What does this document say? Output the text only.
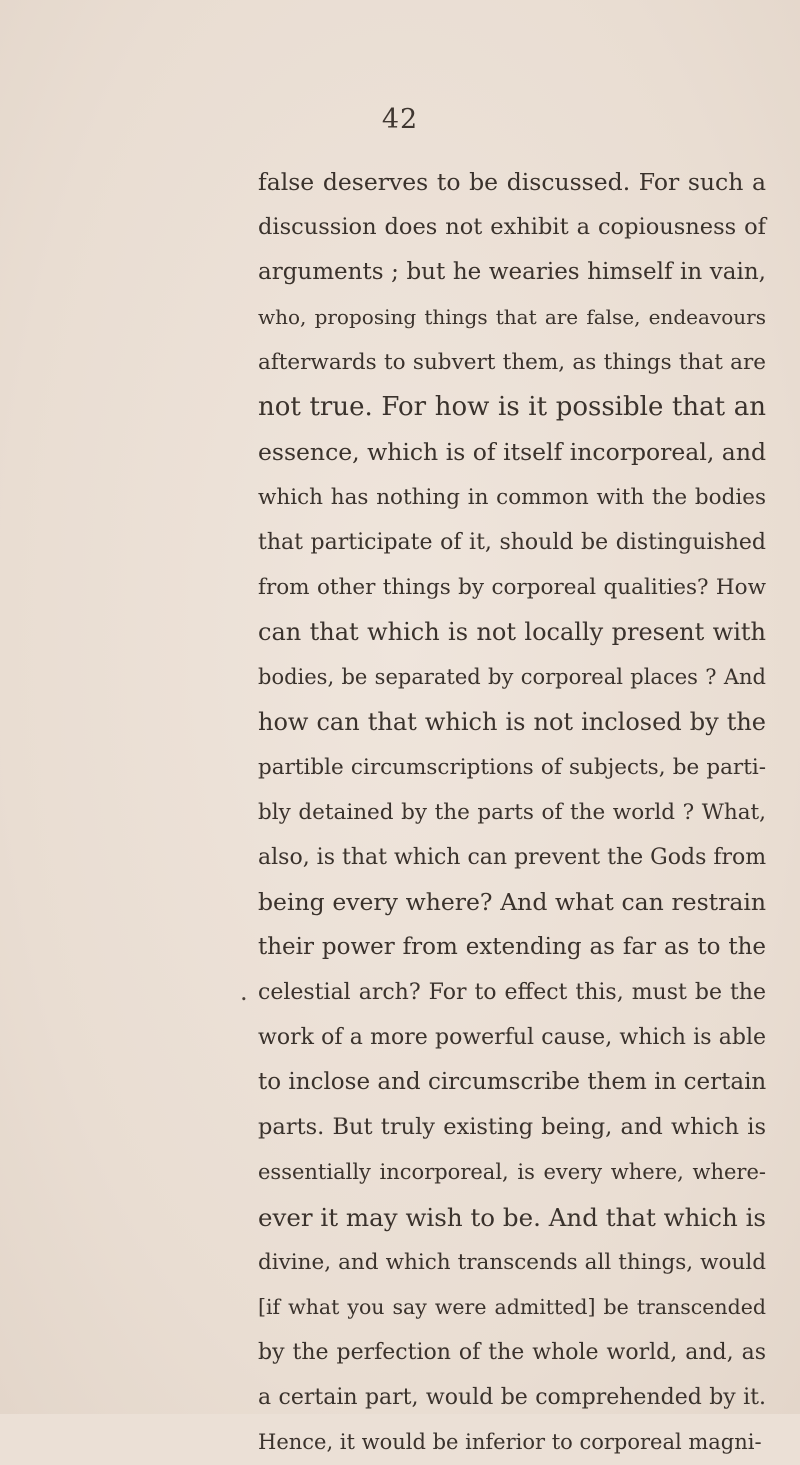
42
.
false deserves to be discussed. For such a
discussion does not exhibit a copiousness of
arguments ; but he wearies himself in vain,
who, proposing things that are false, endeavours
afterwards to subvert them, as things that are
not true. For how is it possible that an
essence, which is of itself incorporeal, and
which has nothing in common with the bodies
that participate of it, should be distinguished
from other things by corporeal qualities? How
can that which is not locally present with
bodies, be separated by corporeal places ? And
how can that which is not inclosed by the
partible circumscriptions of subjects, be parti-
bly detained by the parts of the world ? What,
also, is that which can prevent the Gods from
being every where? And what can restrain
their power from extending as far as to the
celestial arch? For to effect this, must be the
work of a more powerful cause, which is able
to inclose and circumscribe them in certain
parts. But truly existing being, and which is
essentially incorporeal, is every where, where-
ever it may wish to be. And that which is
divine, and which transcends all things, would
[if what you say were admitted] be transcended
by the perfection of the whole world, and, as
a certain part, would be comprehended by it.
Hence, it would be inferior to corporeal magni-
